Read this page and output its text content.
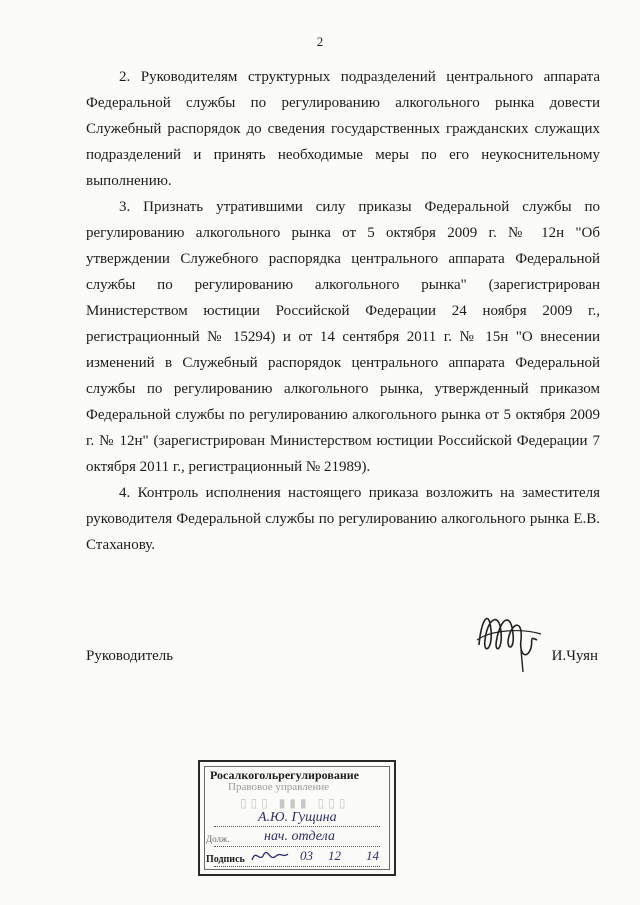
2

2. Руководителям структурных подразделений центрального аппарата Федеральной службы по регулированию алкогольного рынка довести Служебный распорядок до сведения государственных гражданских служащих подразделений и принять необходимые меры по его неукоснительному выполнению.

3. Признать утратившими силу приказы Федеральной службы по регулированию алкогольного рынка от 5 октября 2009 г. № 12н "Об утверждении Служебного распорядка центрального аппарата Федеральной службы по регулированию алкогольного рынка" (зарегистрирован Министерством юстиции Российской Федерации 24 ноября 2009 г., регистрационный № 15294) и от 14 сентября 2011 г. № 15н "О внесении изменений в Служебный распорядок центрального аппарата Федеральной службы по регулированию алкогольного рынка, утвержденный приказом Федеральной службы по регулированию алкогольного рынка от 5 октября 2009 г. № 12н" (зарегистрирован Министерством юстиции Российской Федерации 7 октября 2011 г., регистрационный № 21989).

4. Контроль исполнения настоящего приказа возложить на заместителя руководителя Федеральной службы по регулированию алкогольного рынка Е.В. Стаханову.

Руководитель	И.Чуян
Росалкогольрегулирование
Правовое управление
▯▯▯ ▮▮▮ ▯▯▯
А.Ю. Гущина
Долж. нач. отдела
Подпись	03 12 14
